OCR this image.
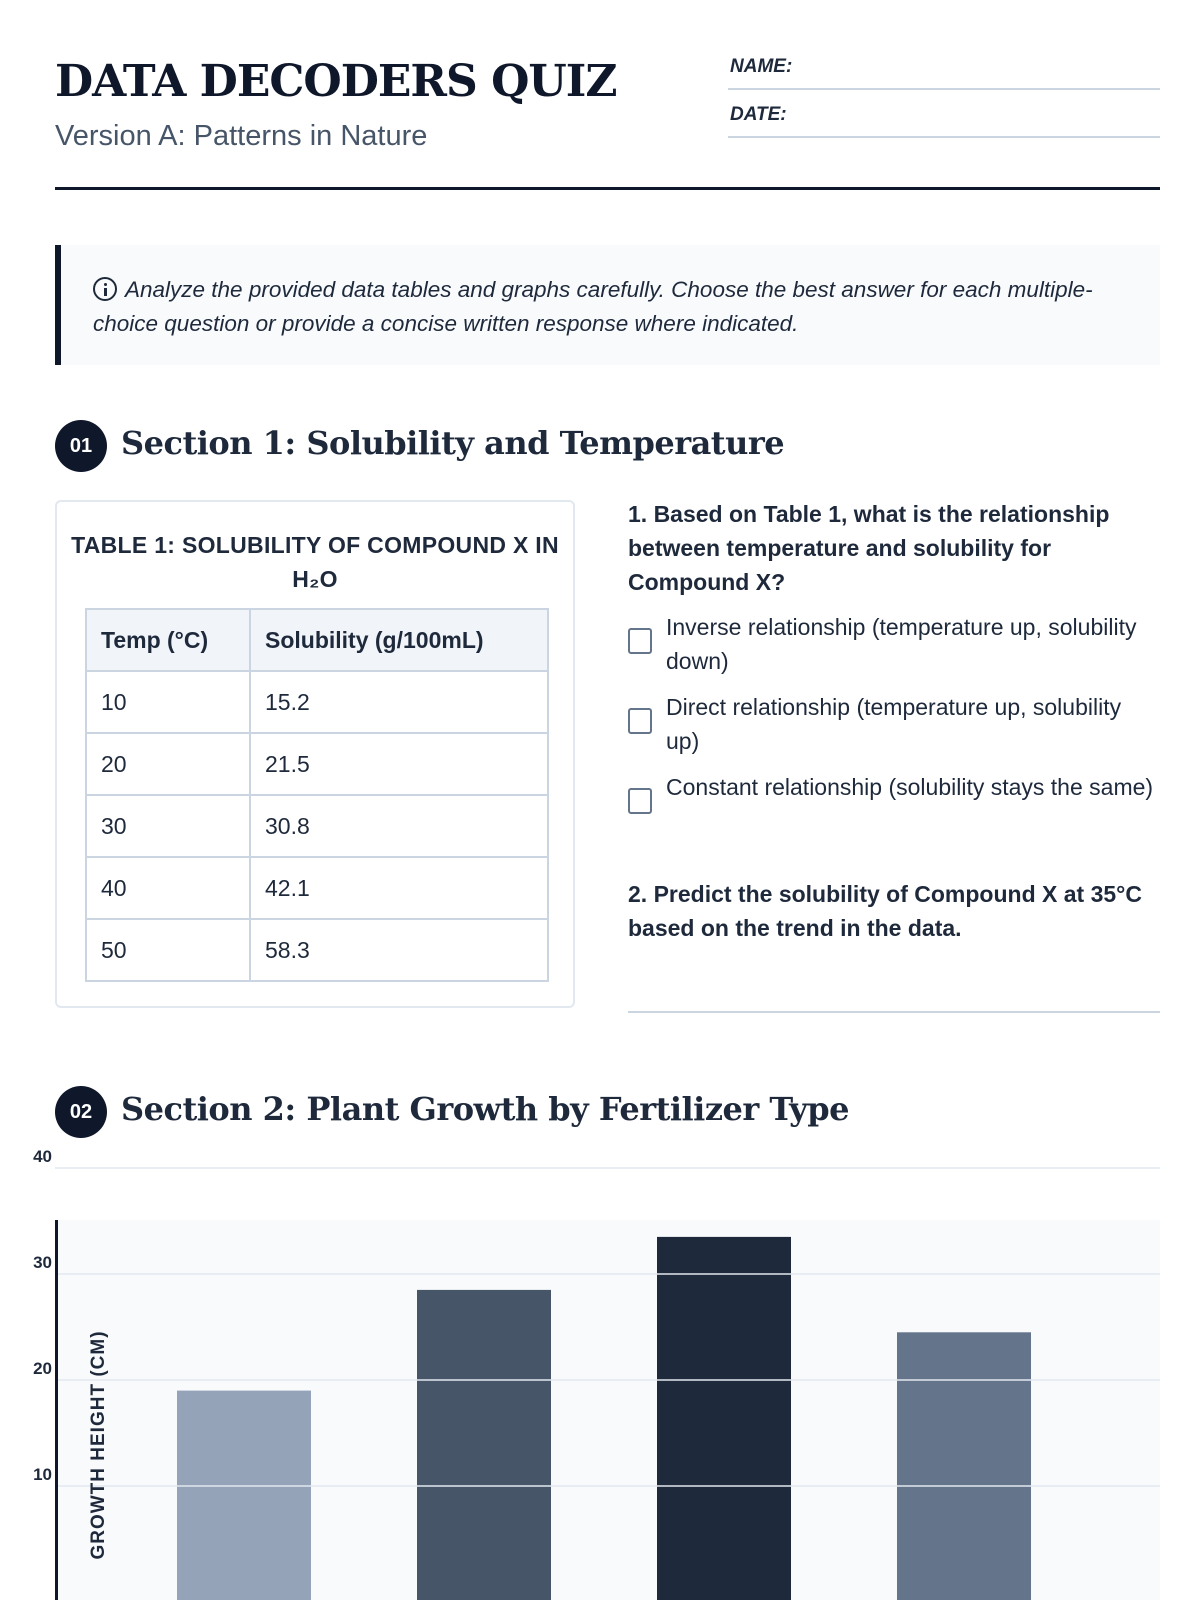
DATA DECODERS QUIZ
Version A: Patterns in Nature
NAME:
DATE:
Analyze the provided data tables and graphs carefully. Choose the best answer for each multiple-choice question or provide a concise written response where indicated.
01 Section 1: Solubility and Temperature
TABLE 1: SOLUBILITY OF COMPOUND X IN H₂O
Temp (°C)	Solubility (g/100mL)
10	15.2
20	21.5
30	30.8
40	42.1
50	58.3
1. Based on Table 1, what is the relationship between temperature and solubility for Compound X?
Inverse relationship (temperature up, solubility down)
Direct relationship (temperature up, solubility up)
Constant relationship (solubility stays the same)
2. Predict the solubility of Compound X at 35°C based on the trend in the data.
02 Section 2: Plant Growth by Fertilizer Type
10
20
30
40
GROWTH HEIGHT (CM)
